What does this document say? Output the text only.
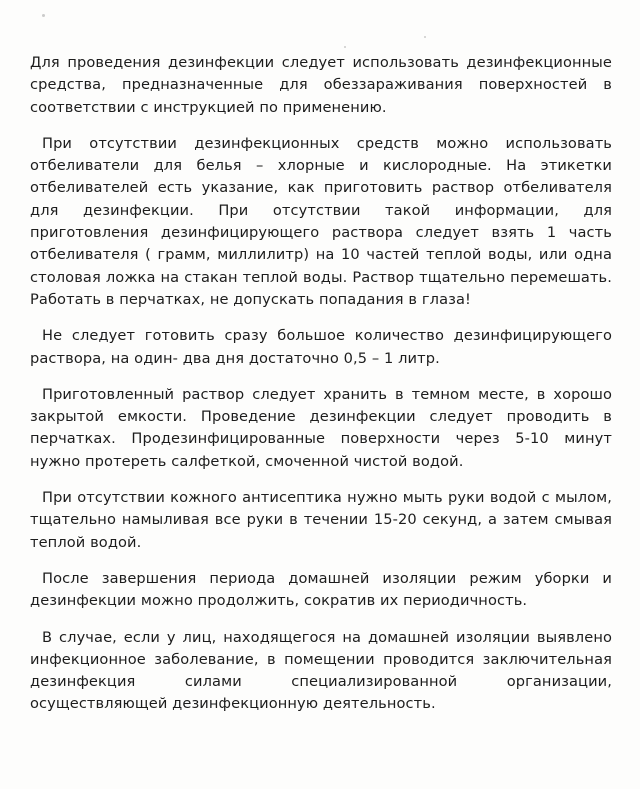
Для проведения дезинфекции следует использовать дезинфекционные средства, предназначенные для обеззараживания поверхностей в соответствии с инструкцией по применению.

При отсутствии дезинфекционных средств можно использовать отбеливатели для белья – хлорные и кислородные. На этикетки отбеливателей есть указание, как приготовить раствор отбеливателя для дезинфекции. При отсутствии такой информации, для приготовления дезинфицирующего раствора следует взять 1 часть отбеливателя ( грамм, миллилитр) на 10 частей теплой воды, или одна столовая ложка на стакан теплой воды. Раствор тщательно перемешать. Работать в перчатках, не допускать попадания в глаза!

Не следует готовить сразу большое количество дезинфицирующего раствора, на один- два дня достаточно 0,5 – 1 литр.

Приготовленный раствор следует хранить в темном месте, в хорошо закрытой емкости. Проведение дезинфекции следует проводить в перчатках. Продезинфицированные поверхности через 5-10 минут нужно протереть салфеткой, смоченной чистой водой.

При отсутствии кожного антисептика нужно мыть руки водой с мылом, тщательно намыливая все руки в течении 15-20 секунд, а затем смывая теплой водой.

После завершения периода домашней изоляции режим уборки и дезинфекции можно продолжить, сократив их периодичность.

В случае, если у лиц, находящегося на домашней изоляции выявлено инфекционное заболевание, в помещении проводится заключительная дезинфекция силами специализированной организации, осуществляющей дезинфекционную деятельность.
